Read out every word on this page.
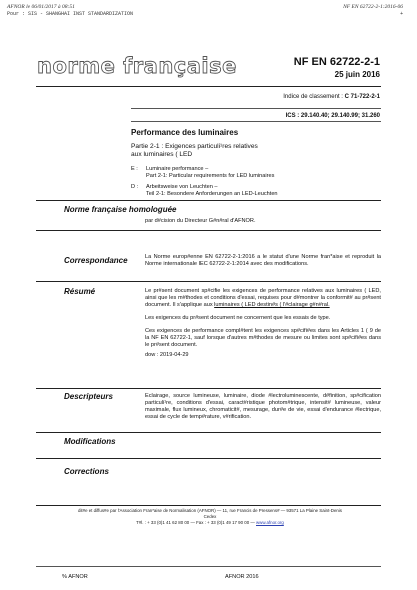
AFNOR le 06/01/2017 à 08:51
Pour : SIS - SHANGHAI INST STANDARDIZATION
NF EN 62722-2-1:2016-06
+
norme française	NF EN 62722-2-1
25 juin 2016
Indice de classement : C 71-722-2-1
ICS : 29.140.40; 29.140.99; 31.260
Performance des luminaires
Partie 2-1 : Exigences particuli¹res relatives
aux luminaires ( LED
E :	Luminaire performance –
Part 2-1: Particular requirements for LED luminaires
D :	Arbeitsweise von Leuchten –
Teil 2-1: Besondere Anforderungen an LED-Leuchten
Norme française homologuée
par d#cision du Directeur G#n#ral d'AFNOR.
Correspondance	La Norme europ#enne EN 62722-2-1:2016 a le statut d'une Norme fran*aise et reproduit la Norme internationale IEC 62722-2-1:2014 avec des modifications.
Résumé	Le pr#sent document sp#cifie les exigences de performance relatives aux luminaires ( LED, ainsi que les m#thodes et conditions d'essai, requises pour d#montrer la conformit# au pr#sent document. Il s'applique aux luminaires ( LED destin#s ( l'#clairage g#n#ral.

Les exigences du pr#sent document ne concernent que les essais de type.

Ces exigences de performance compl#tent les exigences sp#cifi#es dans les Articles 1 ( 9 de la NF EN 62722-1, sauf lorsque d'autres m#thodes de mesure ou limites sont sp#cifi#es dans le pr#sent document.

dow : 2019-04-29

Descripteurs	Eclairage, source lumineuse, luminaire, diode #lectroluminescente, d#finition, sp#cification particuli¹re, conditions d'essai, caract#ristique photom#trique, intensit# lumineuse, valeur maximale, flux lumineux, chromaticit#, mesurage, dur#e de vie, essai d'endurance #lectrique, essai de cycle de temp#rature, v#rification.
Modifications
Corrections
dit#e et diffus#e par l'Association Fran*aise de Normalisation (AFNOR) — 11, rue Francis de Pressens# — 93571 La Plaine Saint-Denis
Cedex
T#l. : + 33 (0)1 41 62 80 00 — Fax : + 33 (0)1 49 17 90 00 — www.afnor.org
% AFNOR	AFNOR 2016
